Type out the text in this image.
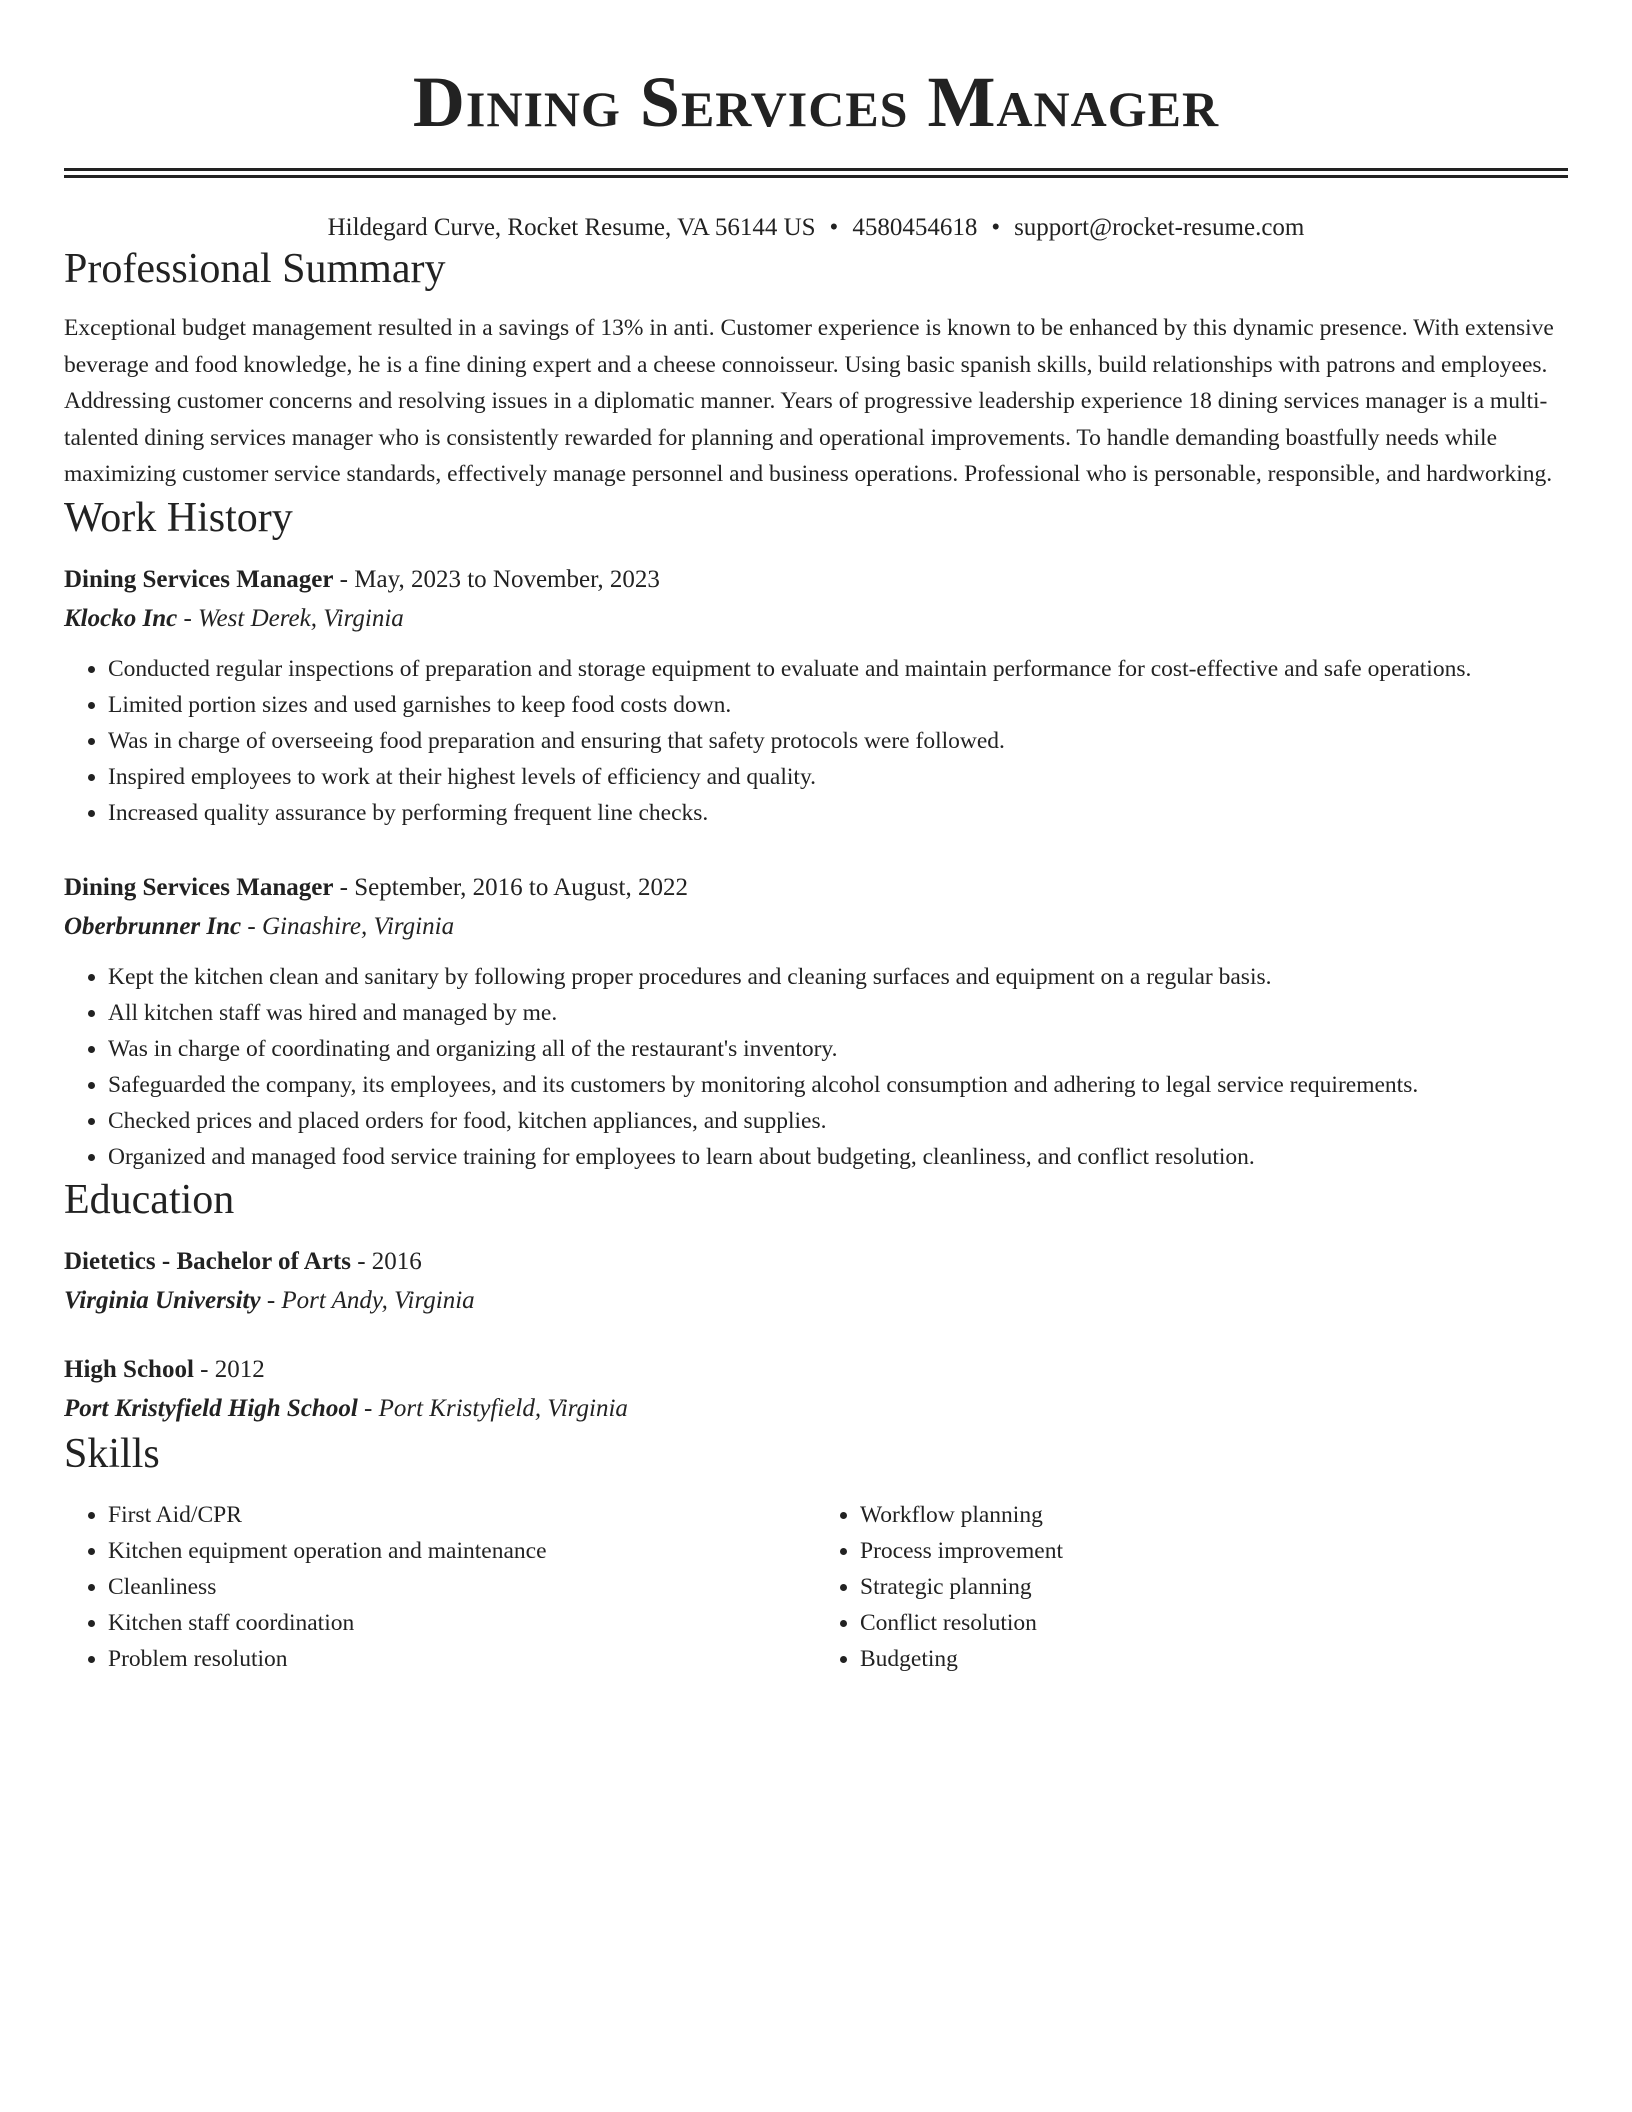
Dining Services Manager
Hildegard Curve, Rocket Resume, VA 56144 US • 4580454618 • support@rocket-resume.com
Professional Summary

Exceptional budget management resulted in a savings of 13% in anti. Customer experience is known to be enhanced by this dynamic presence. With extensive beverage and food knowledge, he is a fine dining expert and a cheese connoisseur. Using basic spanish skills, build relationships with patrons and employees. Addressing customer concerns and resolving issues in a diplomatic manner. Years of progressive leadership experience 18 dining services manager is a multi-talented dining services manager who is consistently rewarded for planning and operational improvements. To handle demanding boastfully needs while maximizing customer service standards, effectively manage personnel and business operations. Professional who is personable, responsible, and hardworking.

Work History
Dining Services Manager - May, 2023 to November, 2023
Klocko Inc - West Derek, Virginia
• Conducted regular inspections of preparation and storage equipment to evaluate and maintain performance for cost-effective and safe operations.
• Limited portion sizes and used garnishes to keep food costs down.
• Was in charge of overseeing food preparation and ensuring that safety protocols were followed.
• Inspired employees to work at their highest levels of efficiency and quality.
• Increased quality assurance by performing frequent line checks.
Dining Services Manager - September, 2016 to August, 2022
Oberbrunner Inc - Ginashire, Virginia
• Kept the kitchen clean and sanitary by following proper procedures and cleaning surfaces and equipment on a regular basis.
• All kitchen staff was hired and managed by me.
• Was in charge of coordinating and organizing all of the restaurant's inventory.
• Safeguarded the company, its employees, and its customers by monitoring alcohol consumption and adhering to legal service requirements.
• Checked prices and placed orders for food, kitchen appliances, and supplies.
• Organized and managed food service training for employees to learn about budgeting, cleanliness, and conflict resolution.
Education
Dietetics - Bachelor of Arts - 2016
Virginia University - Port Andy, Virginia
High School - 2012
Port Kristyfield High School - Port Kristyfield, Virginia
Skills
• First Aid/CPR
• Kitchen equipment operation and maintenance
• Cleanliness
• Kitchen staff coordination
• Problem resolution
• Workflow planning
• Process improvement
• Strategic planning
• Conflict resolution
• Budgeting
